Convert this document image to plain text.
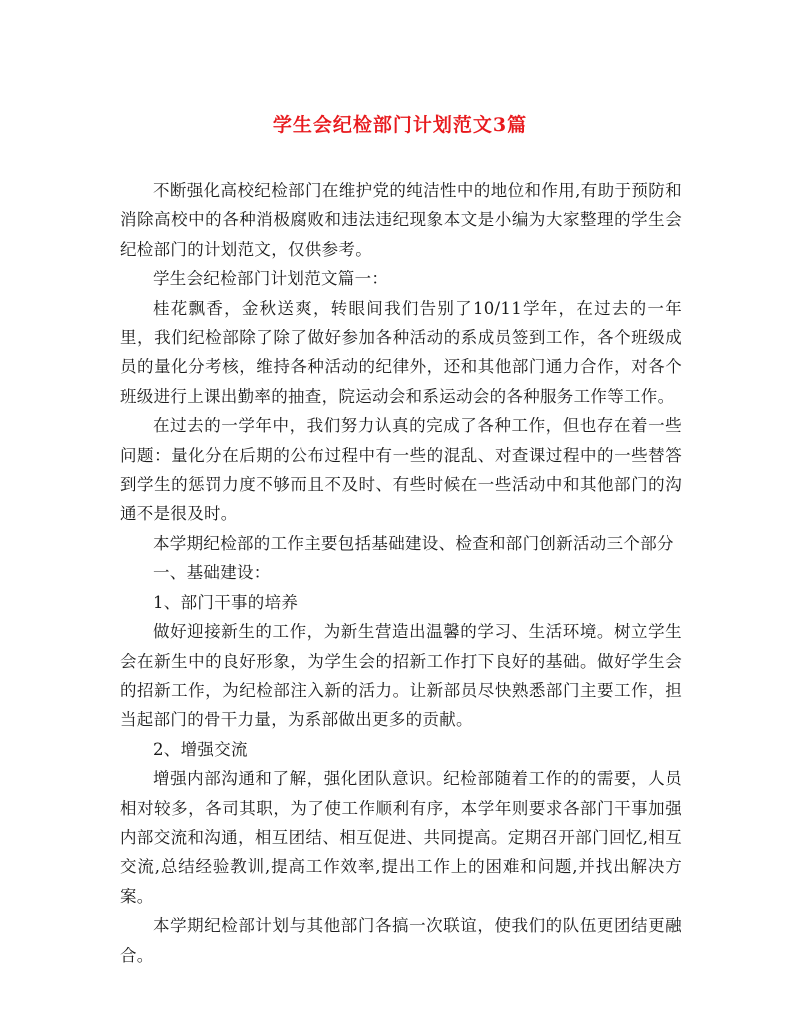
学生会纪检部门计划范文3篇

不断强化高校纪检部门在维护党的纯洁性中的地位和作用,有助于预防和消除高校中的各种消极腐败和违法违纪现象本文是小编为大家整理的学生会纪检部门的计划范文，仅供参考。

学生会纪检部门计划范文篇一：

桂花飘香，金秋送爽，转眼间我们告别了10/11学年，在过去的一年里，我们纪检部除了除了做好参加各种活动的系成员签到工作，各个班级成员的量化分考核，维持各种活动的纪律外，还和其他部门通力合作，对各个班级进行上课出勤率的抽查，院运动会和系运动会的各种服务工作等工作。

在过去的一学年中，我们努力认真的完成了各种工作，但也存在着一些问题：量化分在后期的公布过程中有一些的混乱、对查课过程中的一些替答到学生的惩罚力度不够而且不及时、有些时候在一些活动中和其他部门的沟通不是很及时。

本学期纪检部的工作主要包括基础建设、检查和部门创新活动三个部分

一、基础建设：

1、部门干事的培养

做好迎接新生的工作，为新生营造出温馨的学习、生活环境。树立学生会在新生中的良好形象，为学生会的招新工作打下良好的基础。做好学生会的招新工作，为纪检部注入新的活力。让新部员尽快熟悉部门主要工作，担当起部门的骨干力量，为系部做出更多的贡献。

2、增强交流

增强内部沟通和了解，强化团队意识。纪检部随着工作的的需要，人员相对较多，各司其职，为了使工作顺利有序，本学年则要求各部门干事加强内部交流和沟通，相互团结、相互促进、共同提高。定期召开部门回忆,相互交流,总结经验教训,提高工作效率,提出工作上的困难和问题,并找出解决方案。

本学期纪检部计划与其他部门各搞一次联谊，使我们的队伍更团结更融合。
